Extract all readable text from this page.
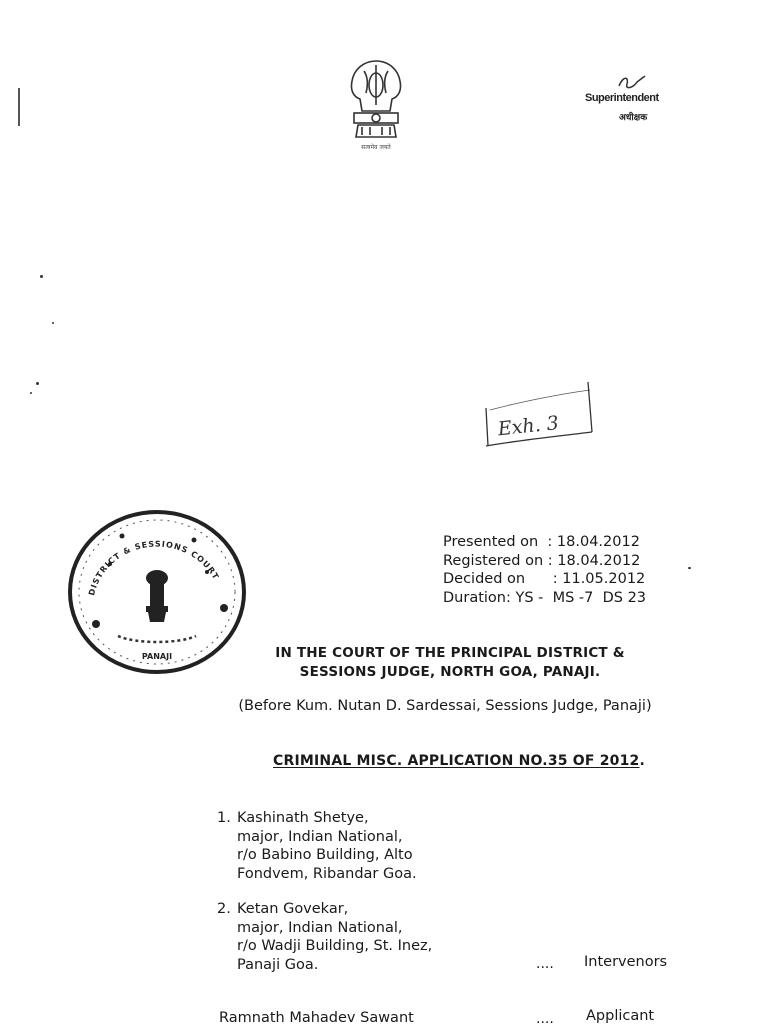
सत्यमेव जयते
Superintendent
अधीक्षक
Exh. 3
PANAJI
DISTRICT & SESSIONS COURT
Presented on  : 18.04.2012
Registered on : 18.04.2012
Decided on      : 11.05.2012
Duration: YS -  MS -7  DS 23
IN THE COURT OF THE PRINCIPAL DISTRICT &
SESSIONS JUDGE, NORTH GOA, PANAJI.
(Before Kum. Nutan D. Sardessai, Sessions Judge, Panaji)
CRIMINAL MISC. APPLICATION NO.35 OF 2012.
1. Kashinath Shetye,
major, Indian National,
r/o Babino Building, Alto
Fondvem, Ribandar Goa.
2. Ketan Govekar,
major, Indian National,
r/o Wadji Building, St. Inez,
Panaji Goa.	.... Intervenors
Ramnath Mahadev Sawant	.... Applicant
